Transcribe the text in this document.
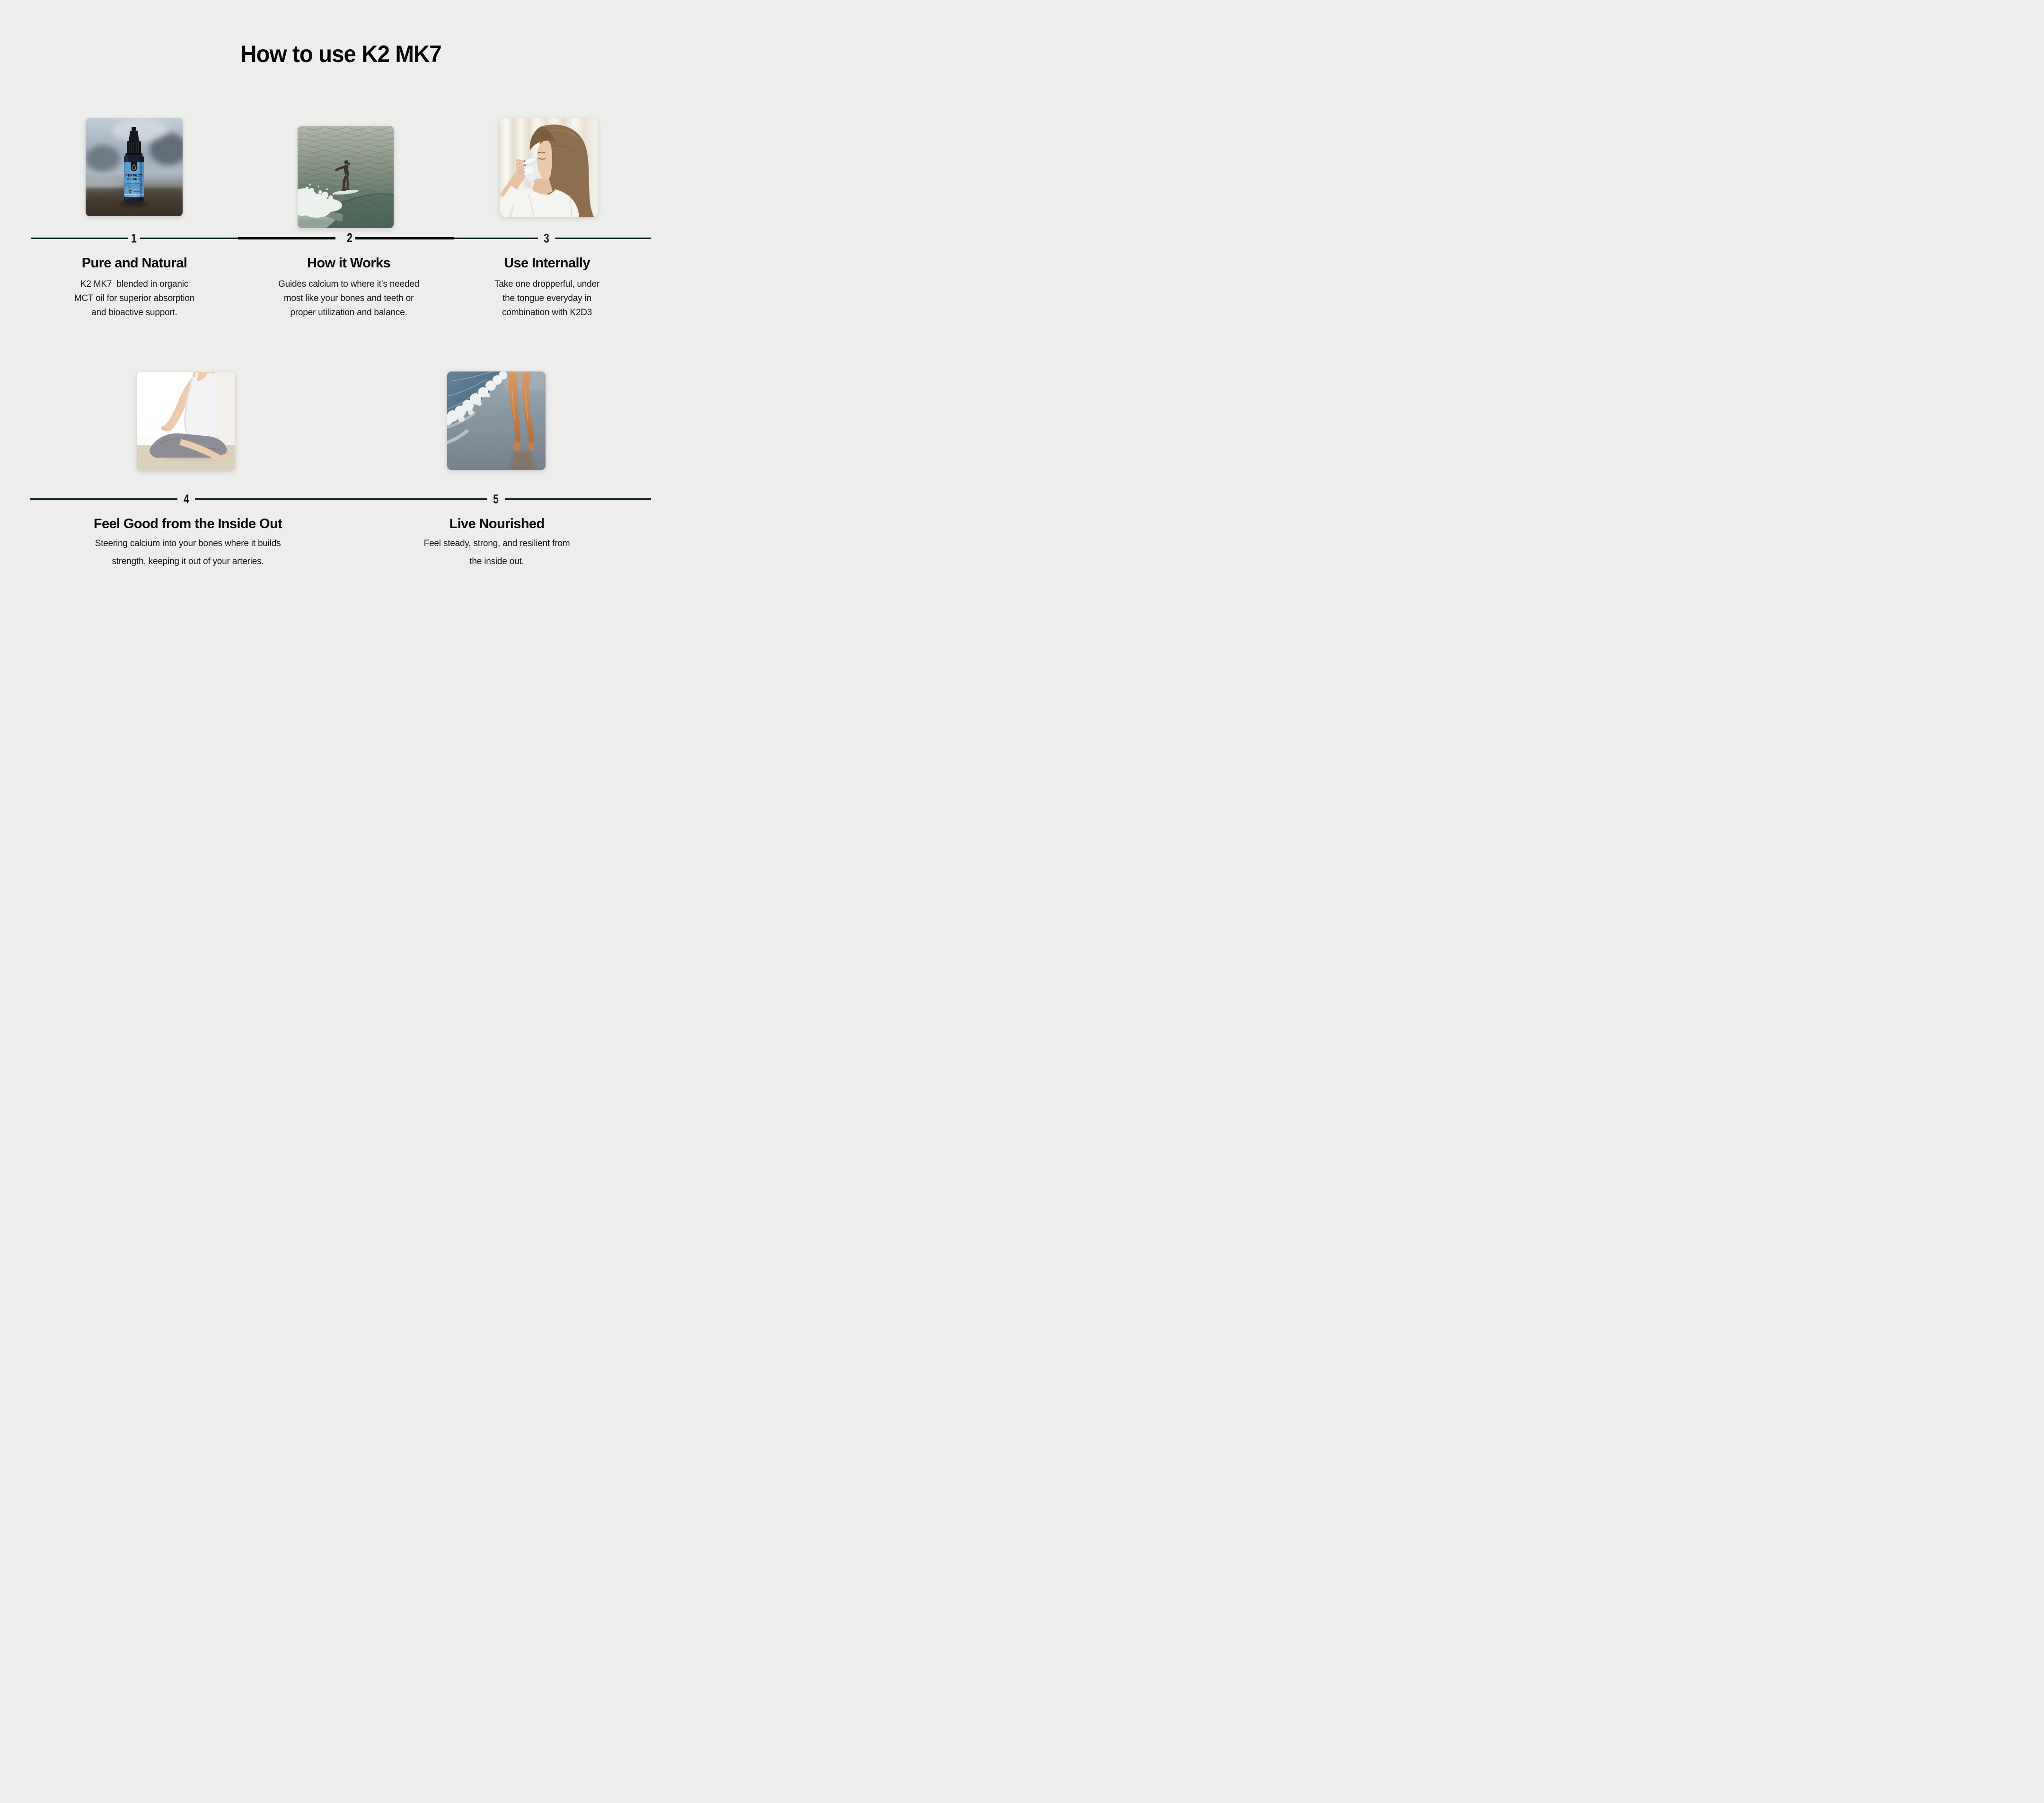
How to use K2 MK7
PERFECT
K2 MK-7
Supports Bone Health +
Optimum Calcium Absorption
400MCG of Vitamin K2
USDA ORGANIC
DIETARY SUPPLEMENT
0.5 FL. OZ. (15 ML)
1	2	3
4	5
Pure and Natural	How it Works	Use Internally
Feel Good from the Inside Out	Live Nourished
K2 MK7  blended in organic
MCT oil for superior absorption
and bioactive support.
Guides calcium to where it’s needed
most like your bones and teeth or
proper utilization and balance.
Take one dropperful, under
the tongue everyday in
combination with K2D3
Steering calcium into your bones where it builds
strength, keeping it out of your arteries.
Feel steady, strong, and resilient from
the inside out.
